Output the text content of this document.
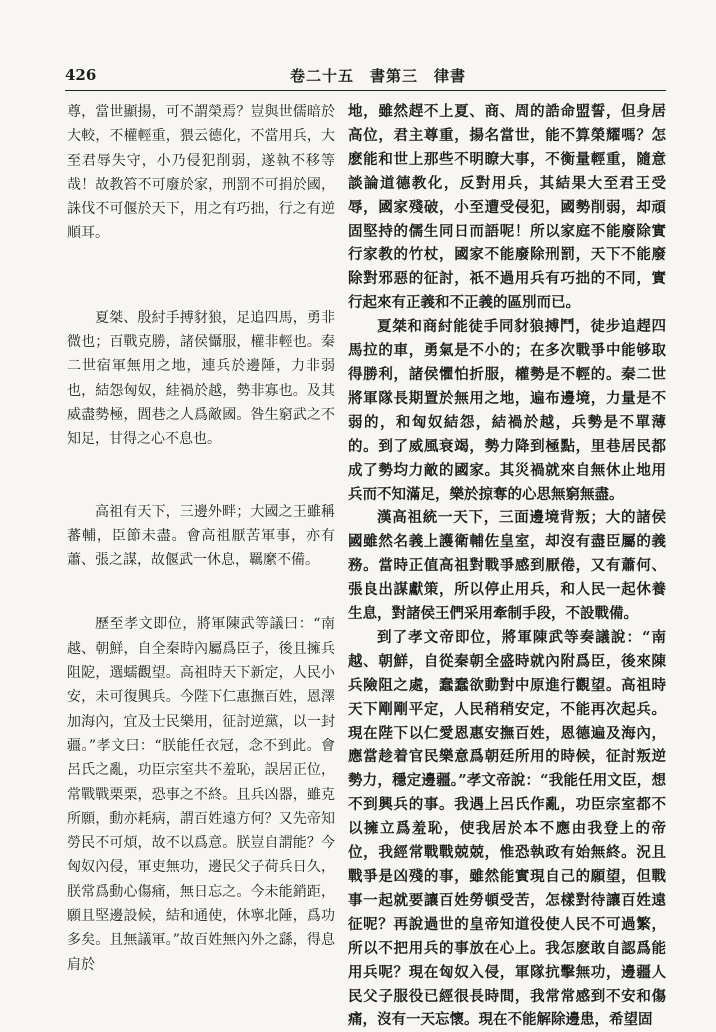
426	卷二十五　書第三　律書

尊，當世顯揚，可不謂榮焉？豈與世儒暗於大較，不權輕重，猥云德化，不當用兵，大至君辱失守，小乃侵犯削弱，遂執不移等哉！故教笞不可廢於家，刑罰不可捐於國，誅伐不可偃於天下，用之有巧拙，行之有逆順耳。

夏桀、殷紂手搏豺狼，足追四馬，勇非微也；百戰克勝，諸侯懾服，權非輕也。秦二世宿軍無用之地，連兵於邊陲，力非弱也，結怨匈奴，絓禍於越，勢非寡也。及其威盡勢極，閭巷之人爲敵國。咎生窮武之不知足，甘得之心不息也。

高祖有天下，三邊外畔；大國之王雖稱蕃輔，臣節未盡。會高祖厭苦軍事，亦有蕭、張之謀，故偃武一休息，羈縻不備。

歷至孝文即位，將軍陳武等議曰：“南越、朝鮮，自全秦時內屬爲臣子，後且擁兵阻阸，選蠕觀望。高祖時天下新定，人民小安，未可復興兵。今陛下仁惠撫百姓，恩澤加海內，宜及士民樂用，征討逆黨，以一封疆。”孝文曰：“朕能任衣冠，念不到此。會呂氏之亂，功臣宗室共不羞恥，誤居正位，常戰戰栗栗，恐事之不終。且兵凶器，雖克所願，動亦耗病，謂百姓遠方何？又先帝知勞民不可煩，故不以爲意。朕豈自謂能？今匈奴內侵，軍吏無功，邊民父子荷兵日久，朕常爲動心傷痛，無日忘之。今未能銷距，願且堅邊設候，結和通使，休寧北陲，爲功多矣。且無議軍。”故百姓無內外之繇，得息肩於

地，雖然趕不上夏、商、周的誥命盟誓，但身居高位，君主尊重，揚名當世，能不算榮耀嗎？怎麽能和世上那些不明瞭大事，不衡量輕重，隨意談論道德教化，反對用兵，其結果大至君王受辱，國家殘破，小至遭受侵犯，國勢削弱，却頑固堅持的儒生同日而語呢！所以家庭不能廢除實行家教的竹杖，國家不能廢除刑罰，天下不能廢除對邪惡的征討，祇不過用兵有巧拙的不同，實行起來有正義和不正義的區別而已。

夏桀和商紂能徒手同豺狼搏鬥，徒步追趕四馬拉的車，勇氣是不小的；在多次戰爭中能够取得勝利，諸侯懼怕折服，權勢是不輕的。秦二世將軍隊長期置於無用之地，遍布邊境，力量是不弱的，和匈奴結怨，結禍於越，兵勢是不單薄的。到了威風衰竭，勢力降到極點，里巷居民都成了勢均力敵的國家。其災禍就來自無休止地用兵而不知滿足，樂於掠奪的心思無窮無盡。

漢高祖統一天下，三面邊境背叛；大的諸侯國雖然名義上護衛輔佐皇室，却沒有盡臣屬的義務。當時正值高祖對戰爭感到厭倦，又有蕭何、張良出謀獻策，所以停止用兵，和人民一起休養生息，對諸侯王們采用牽制手段，不設戰備。

到了孝文帝即位，將軍陳武等奏議說：“南越、朝鮮，自從秦朝全盛時就內附爲臣，後來陳兵險阻之處，蠢蠢欲動對中原進行觀望。高祖時天下剛剛平定，人民稍稍安定，不能再次起兵。現在陛下以仁愛恩惠安撫百姓，恩德遍及海內，應當趁着官民樂意爲朝廷所用的時候，征討叛逆勢力，穩定邊疆。”孝文帝說：“我能任用文臣，想不到興兵的事。我遇上呂氏作亂，功臣宗室都不以擁立爲羞恥，使我居於本不應由我登上的帝位，我經常戰戰兢兢，惟恐執政有始無終。況且戰爭是凶殘的事，雖然能實現自己的願望，但戰事一起就要讓百姓勞頓受苦，怎樣對待讓百姓遠征呢？再說過世的皇帝知道役使人民不可過繁，所以不把用兵的事放在心上。我怎麽敢自認爲能用兵呢？現在匈奴入侵，軍隊抗擊無功，邊疆人民父子服役已經很長時間，我常常感到不安和傷痛，沒有一天忘懷。現在不能解除邊患，希望固
